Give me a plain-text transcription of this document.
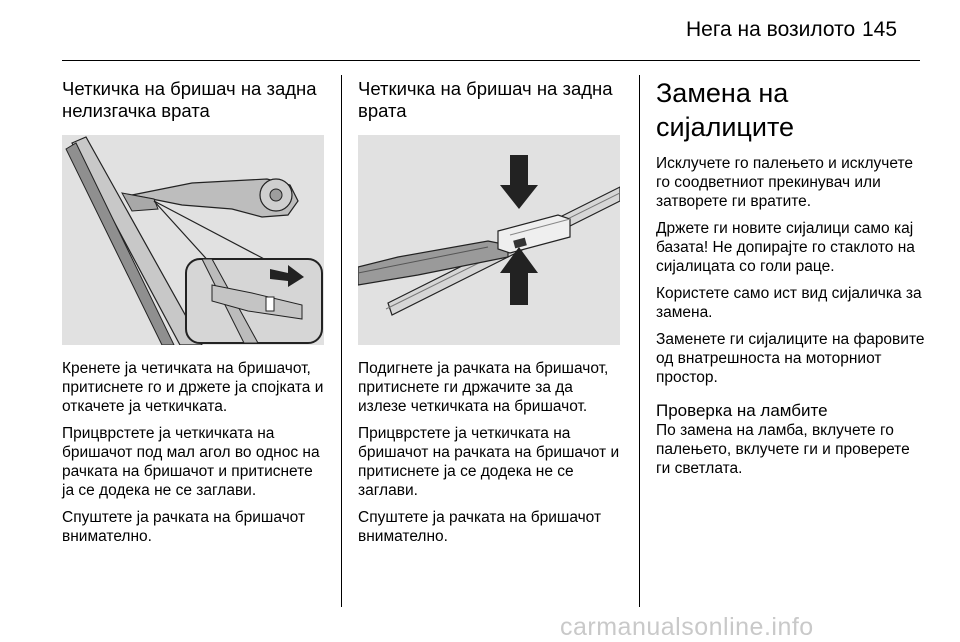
Нега на возилото 145
Четкичка на бришач на задна нелизгачка врата

Кренете ја четичката на бришачот, притиснете го и држете ја спојката и откачете ја четкичката.

Прицврстете ја четкичката на бришачот под мал агол во однос на рачката на бришачот и притиснете ја се додека не се заглави.

Спуштете ја рачката на бришачот внимателно.

Четкичка на бришач на задна врата

Подигнете ја рачката на бришачот, притиснете ги држачите за да излезе четкичката на бришачот.

Прицврстете ја четкичката на бришачот на рачката на бришачот и притиснете ја се додека не се заглави.

Спуштете ја рачката на бришачот внимателно.

Замена на сијалиците

Исклучете го палењето и исклучете го соодветниот прекинувач или затворете ги вратите.

Држете ги новите сијалици само кај базата! Не допирајте го стаклото на сијалицата со голи раце.

Користете само ист вид сијаличка за замена.

Заменете ги сијалиците на фаровите од внатрешноста на моторниот простор.

Проверка на ламбите

По замена на ламба, вклучете го палењето, вклучете ги и проверете ги светлата.

carmanualsonline.info
